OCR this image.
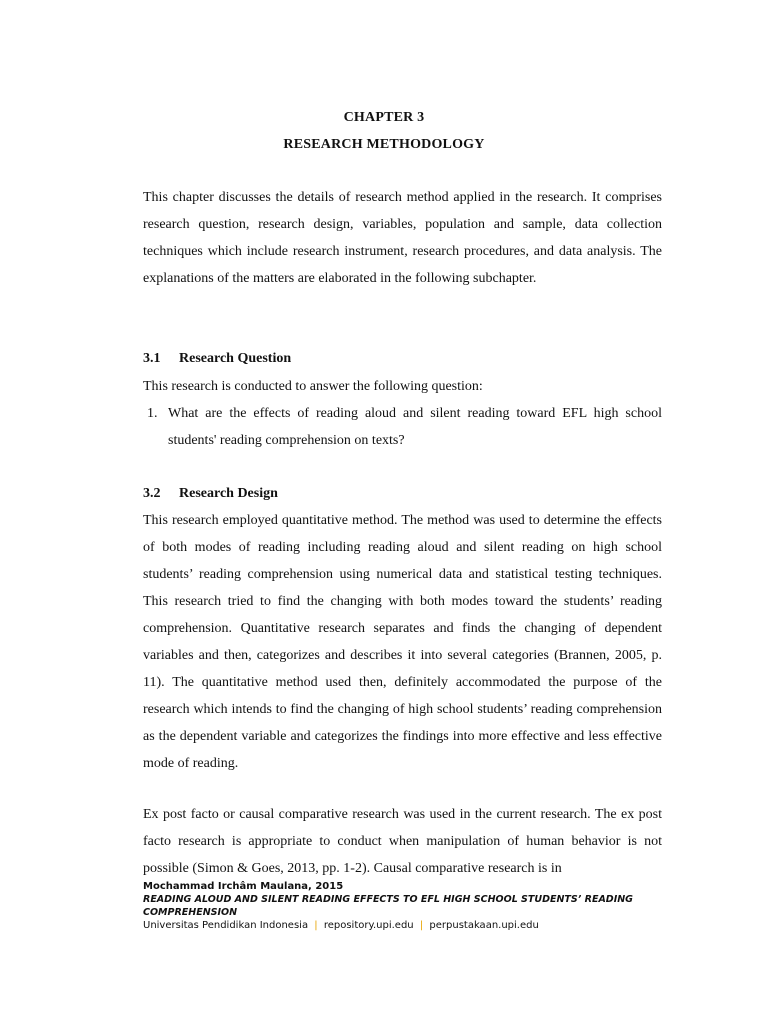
CHAPTER 3
RESEARCH METHODOLOGY

This chapter discusses the details of research method applied in the research. It comprises research question, research design, variables, population and sample, data collection techniques which include research instrument, research procedures, and data analysis. The explanations of the matters are elaborated in the following subchapter.

3.1 Research Question

This research is conducted to answer the following question:

1. What are the effects of reading aloud and silent reading toward EFL high school students' reading comprehension on texts?
3.2 Research Design

This research employed quantitative method. The method was used to determine the effects of both modes of reading including reading aloud and silent reading on high school students’ reading comprehension using numerical data and statistical testing techniques. This research tried to find the changing with both modes toward the students’ reading comprehension. Quantitative research separates and finds the changing of dependent variables and then, categorizes and describes it into several categories (Brannen, 2005, p. 11). The quantitative method used then, definitely accommodated the purpose of the research which intends to find the changing of high school students’ reading comprehension as the dependent variable and categorizes the findings into more effective and less effective mode of reading.

Ex post facto or causal comparative research was used in the current research. The ex post facto research is appropriate to conduct when manipulation of human behavior is not possible (Simon & Goes, 2013, pp. 1-2). Causal comparative research is in

Mochammad Irchâm Maulana, 2015
READING ALOUD AND SILENT READING EFFECTS TO EFL HIGH SCHOOL STUDENTS’ READING COMPREHENSION
Universitas Pendidikan Indonesia | repository.upi.edu | perpustakaan.upi.edu
